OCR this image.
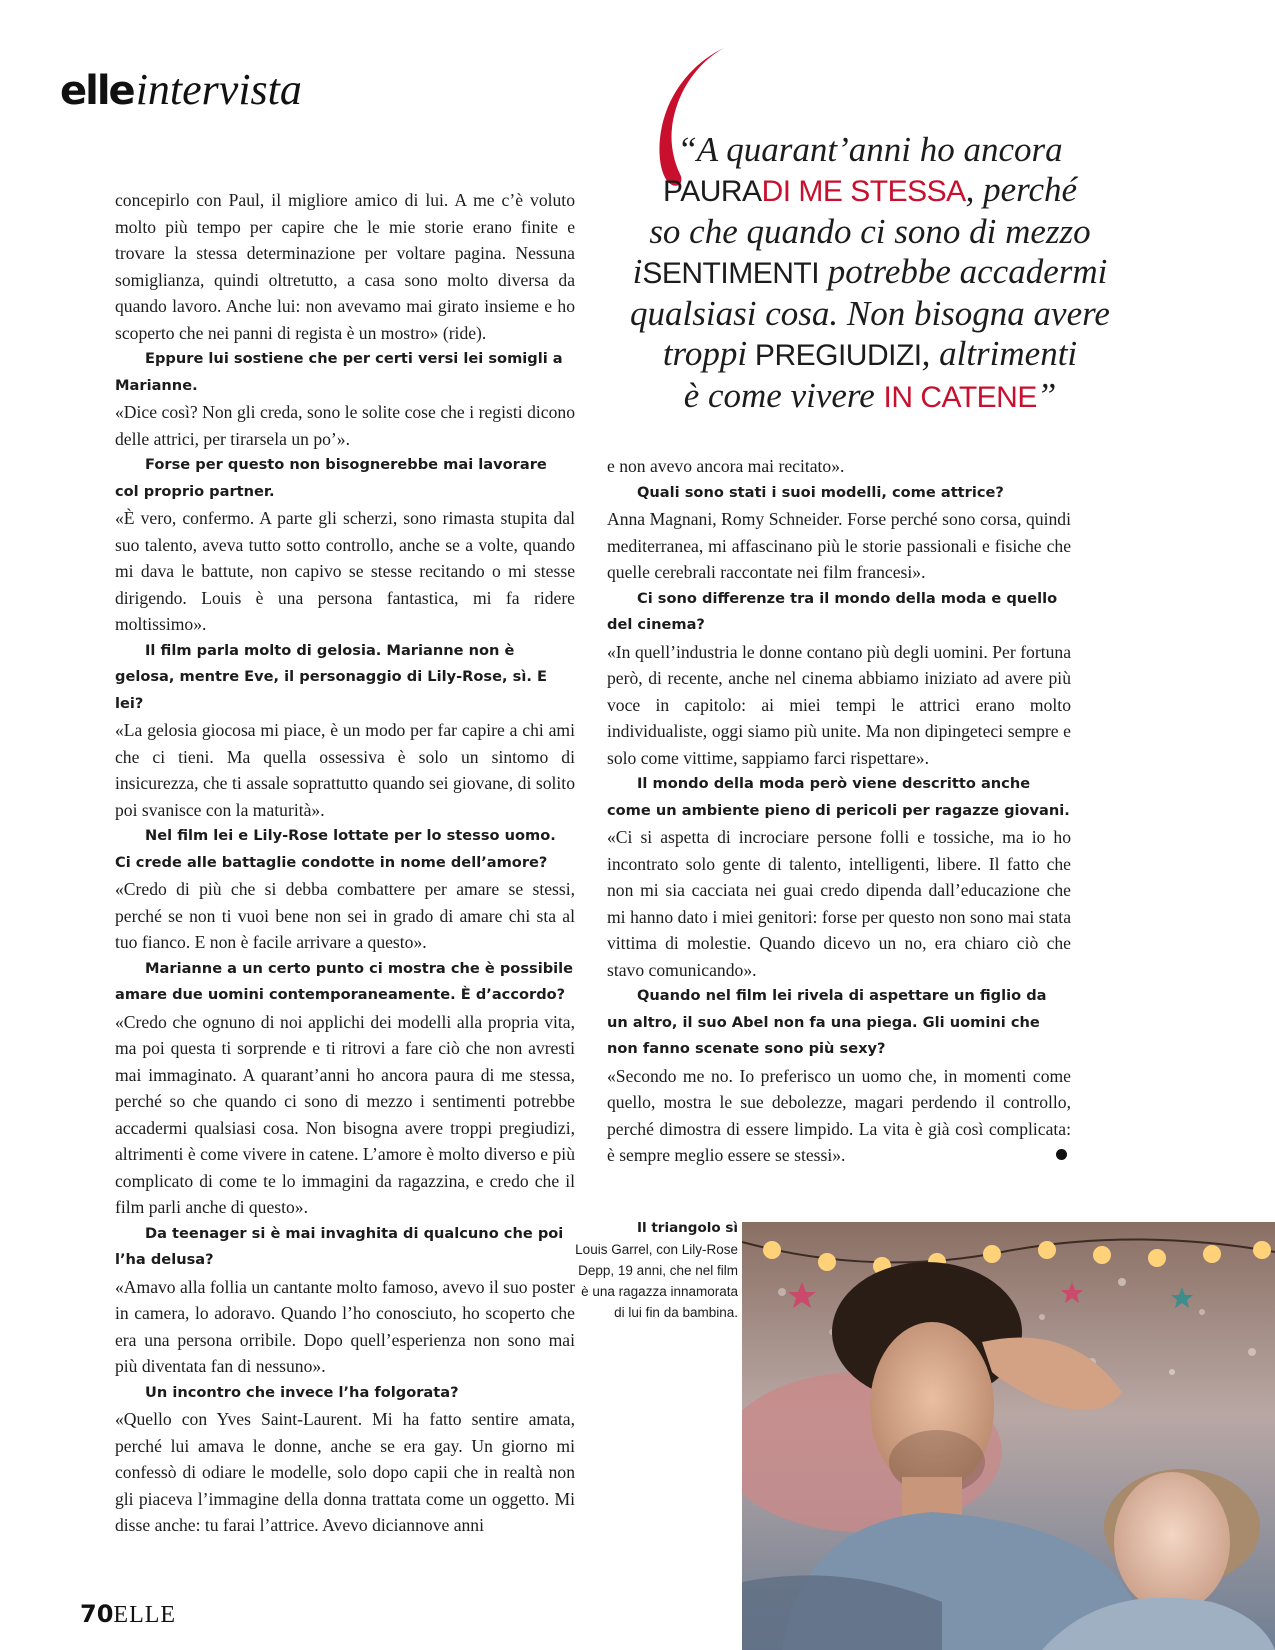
elleintervista

concepirlo con Paul, il migliore amico di lui. A me c’è voluto molto più tempo per capire che le mie storie erano finite e trovare la stessa determinazione per voltare pagina. Nessuna somiglianza, quindi oltretutto, a casa sono molto diversa da quando lavoro. Anche lui: non avevamo mai girato insieme e ho scoperto che nei panni di regista è un mostro» (ride).

Eppure lui sostiene che per certi versi lei somigli a Marianne.

«Dice così? Non gli creda, sono le solite cose che i registi dicono delle attrici, per tirarsela un po’».

Forse per questo non bisognerebbe mai lavorare col proprio partner.

«È vero, confermo. A parte gli scherzi, sono rimasta stupita dal suo talento, aveva tutto sotto controllo, anche se a volte, quando mi dava le battute, non capivo se stesse recitando o mi stesse dirigendo. Louis è una persona fantastica, mi fa ridere moltissimo».

Il film parla molto di gelosia. Marianne non è gelosa, mentre Eve, il personaggio di Lily-Rose, sì. E lei?

«La gelosia giocosa mi piace, è un modo per far capire a chi ami che ci tieni. Ma quella ossessiva è solo un sintomo di insicurezza, che ti assale soprattutto quando sei giovane, di solito poi svanisce con la maturità».

Nel film lei e Lily-Rose lottate per lo stesso uomo. Ci crede alle battaglie condotte in nome dell’amore?

«Credo di più che si debba combattere per amare se stessi, perché se non ti vuoi bene non sei in grado di amare chi sta al tuo fianco. E non è facile arrivare a questo».

Marianne a un certo punto ci mostra che è possibile amare due uomini contemporaneamente. È d’accordo?

«Credo che ognuno di noi applichi dei modelli alla propria vita, ma poi questa ti sorprende e ti ritrovi a fare ciò che non avresti mai immaginato. A quarant’anni ho ancora paura di me stessa, perché so che quando ci sono di mezzo i sentimenti potrebbe accadermi qualsiasi cosa. Non bisogna avere troppi pregiudizi, altrimenti è come vivere in catene. L’amore è molto diverso e più complicato di come te lo immagini da ragazzina, e credo che il film parli anche di questo».

Da teenager si è mai invaghita di qualcuno che poi l’ha delusa?

«Amavo alla follia un cantante molto famoso, avevo il suo poster in camera, lo adoravo. Quando l’ho conosciuto, ho scoperto che era una persona orribile. Dopo quell’esperienza non sono mai più diventata fan di nessuno».

Un incontro che invece l’ha folgorata?

«Quello con Yves Saint-Laurent. Mi ha fatto sentire amata, perché lui amava le donne, anche se era gay. Un giorno mi confessò di odiare le modelle, solo dopo capii che in realtà non gli piaceva l’immagine della donna trattata come un oggetto. Mi disse anche: tu farai l’attrice. Avevo diciannove anni

“A quarant’anni ho ancora
PAURADI ME STESSA, perché
so che quando ci sono di mezzo
iSENTIMENTI potrebbe accadermi
qualsiasi cosa. Non bisogna avere
troppi PREGIUDIZI, altrimenti
è come vivere IN CATENE”

e non avevo ancora mai recitato».

Quali sono stati i suoi modelli, come attrice?

Anna Magnani, Romy Schneider. Forse perché sono corsa, quindi mediterranea, mi affascinano più le storie passionali e fisiche che quelle cerebrali raccontate nei film francesi».

Ci sono differenze tra il mondo della moda e quello del cinema?

«In quell’industria le donne contano più degli uomini. Per fortuna però, di recente, anche nel cinema abbiamo iniziato ad avere più voce in capitolo: ai miei tempi le attrici erano molto individualiste, oggi siamo più unite. Ma non dipingeteci sempre e solo come vittime, sappiamo farci rispettare».

Il mondo della moda però viene descritto anche come un ambiente pieno di pericoli per ragazze giovani.

«Ci si aspetta di incrociare persone folli e tossiche, ma io ho incontrato solo gente di talento, intelligenti, libere. Il fatto che non mi sia cacciata nei guai credo dipenda dall’educazione che mi hanno dato i miei genitori: forse per questo non sono mai stata vittima di molestie. Quando dicevo un no, era chiaro ciò che stavo comunicando».

Quando nel film lei rivela di aspettare un figlio da un altro, il suo Abel non fa una piega. Gli uomini che non fanno scenate sono più sexy?

«Secondo me no. Io preferisco un uomo che, in momenti come quello, mostra le sue debolezze, magari perdendo il controllo, perché dimostra di essere limpido. La vita è già così complicata: è sempre meglio essere se stessi».

Il triangolo sì
Louis Garrel, con Lily-Rose Depp, 19 anni, che nel film è una ragazza innamorata di lui fin da bambina.
70ELLE
